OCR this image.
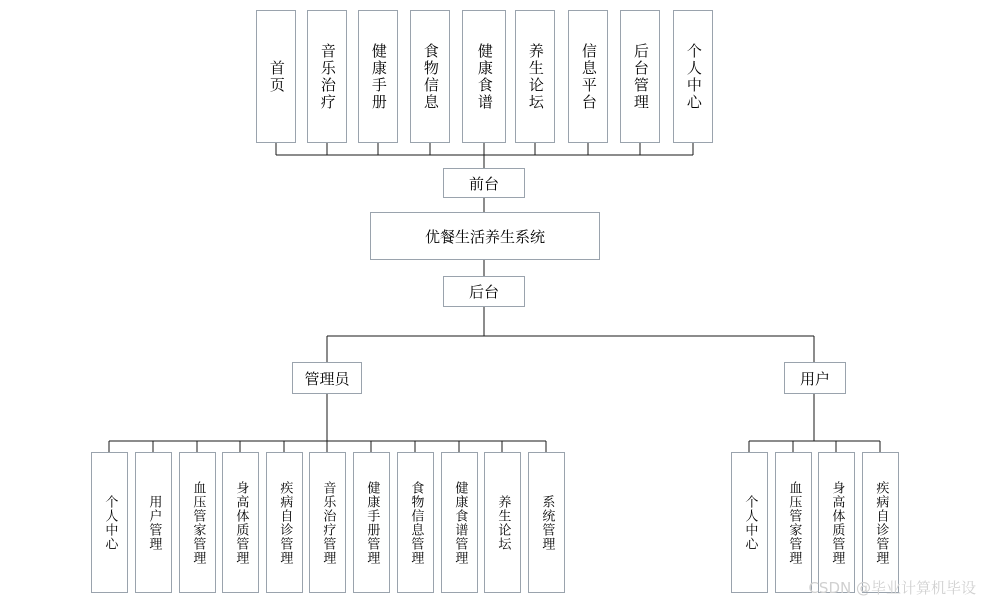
首页 音乐治疗 健康手册 食物信息 健康食谱 养生论坛 信息平台 后台管理 个人中心
前台
优餐生活养生系统
后台
管理员	用户
个人中心 用户管理 血压管家管理 身高体质管理 疾病自诊管理 音乐治疗管理 健康手册管理 食物信息管理 健康食谱管理 养生论坛 系统管理	个人中心 血压管家管理 身高体质管理 疾病自诊管理
CSDN @毕业计算机毕设
